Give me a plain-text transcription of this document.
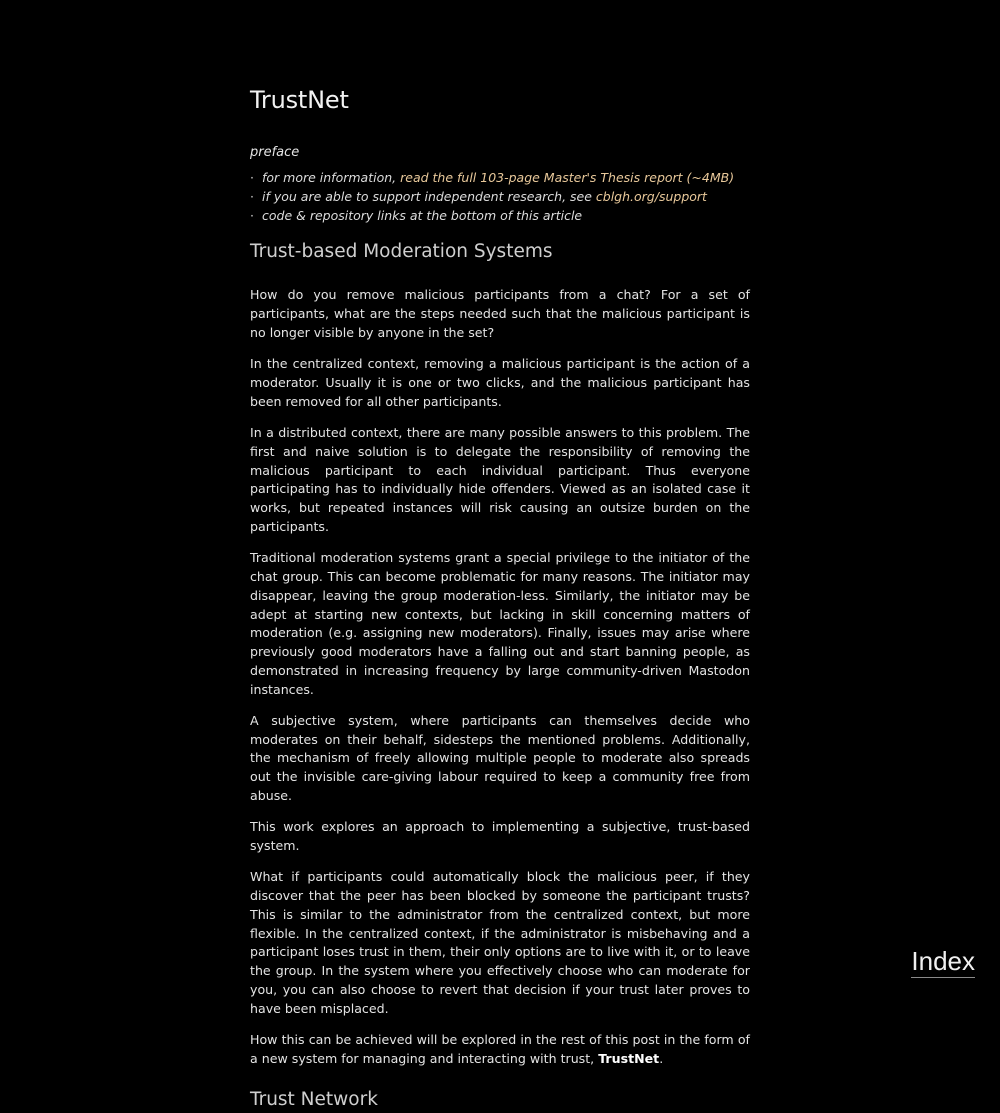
TrustNet
preface
· for more information, read the full 103-page Master's Thesis report (~4MB)
· if you are able to support independent research, see cblgh.org/support
· code & repository links at the bottom of this article
Trust-based Moderation Systems

How do you remove malicious participants from a chat? For a set of participants, what are the steps needed such that the malicious participant is no longer visible by anyone in the set?

In the centralized context, removing a malicious participant is the action of a moderator. Usually it is one or two clicks, and the malicious participant has been removed for all other participants.

In a distributed context, there are many possible answers to this problem. The first and naive solution is to delegate the responsibility of removing the malicious participant to each individual participant. Thus everyone participating has to individually hide offenders. Viewed as an isolated case it works, but repeated instances will risk causing an outsize burden on the participants.

Traditional moderation systems grant a special privilege to the initiator of the chat group. This can become problematic for many reasons. The initiator may disappear, leaving the group moderation-less. Similarly, the initiator may be adept at starting new contexts, but lacking in skill concerning matters of moderation (e.g. assigning new moderators). Finally, issues may arise where previously good moderators have a falling out and start banning people, as demonstrated in increasing frequency by large community-driven Mastodon instances.

A subjective system, where participants can themselves decide who moderates on their behalf, sidesteps the mentioned problems. Additionally, the mechanism of freely allowing multiple people to moderate also spreads out the invisible care-giving labour required to keep a community free from abuse.

This work explores an approach to implementing a subjective, trust-based system.

What if participants could automatically block the malicious peer, if they discover that the peer has been blocked by someone the participant trusts? This is similar to the administrator from the centralized context, but more flexible. In the centralized context, if the administrator is misbehaving and a participant loses trust in them, their only options are to live with it, or to leave the group. In the system where you effectively choose who can moderate for you, you can also choose to revert that decision if your trust later proves to have been misplaced.

How this can be achieved will be explored in the rest of this post in the form of a new system for managing and interacting with trust, TrustNet.

Trust Network
Index
